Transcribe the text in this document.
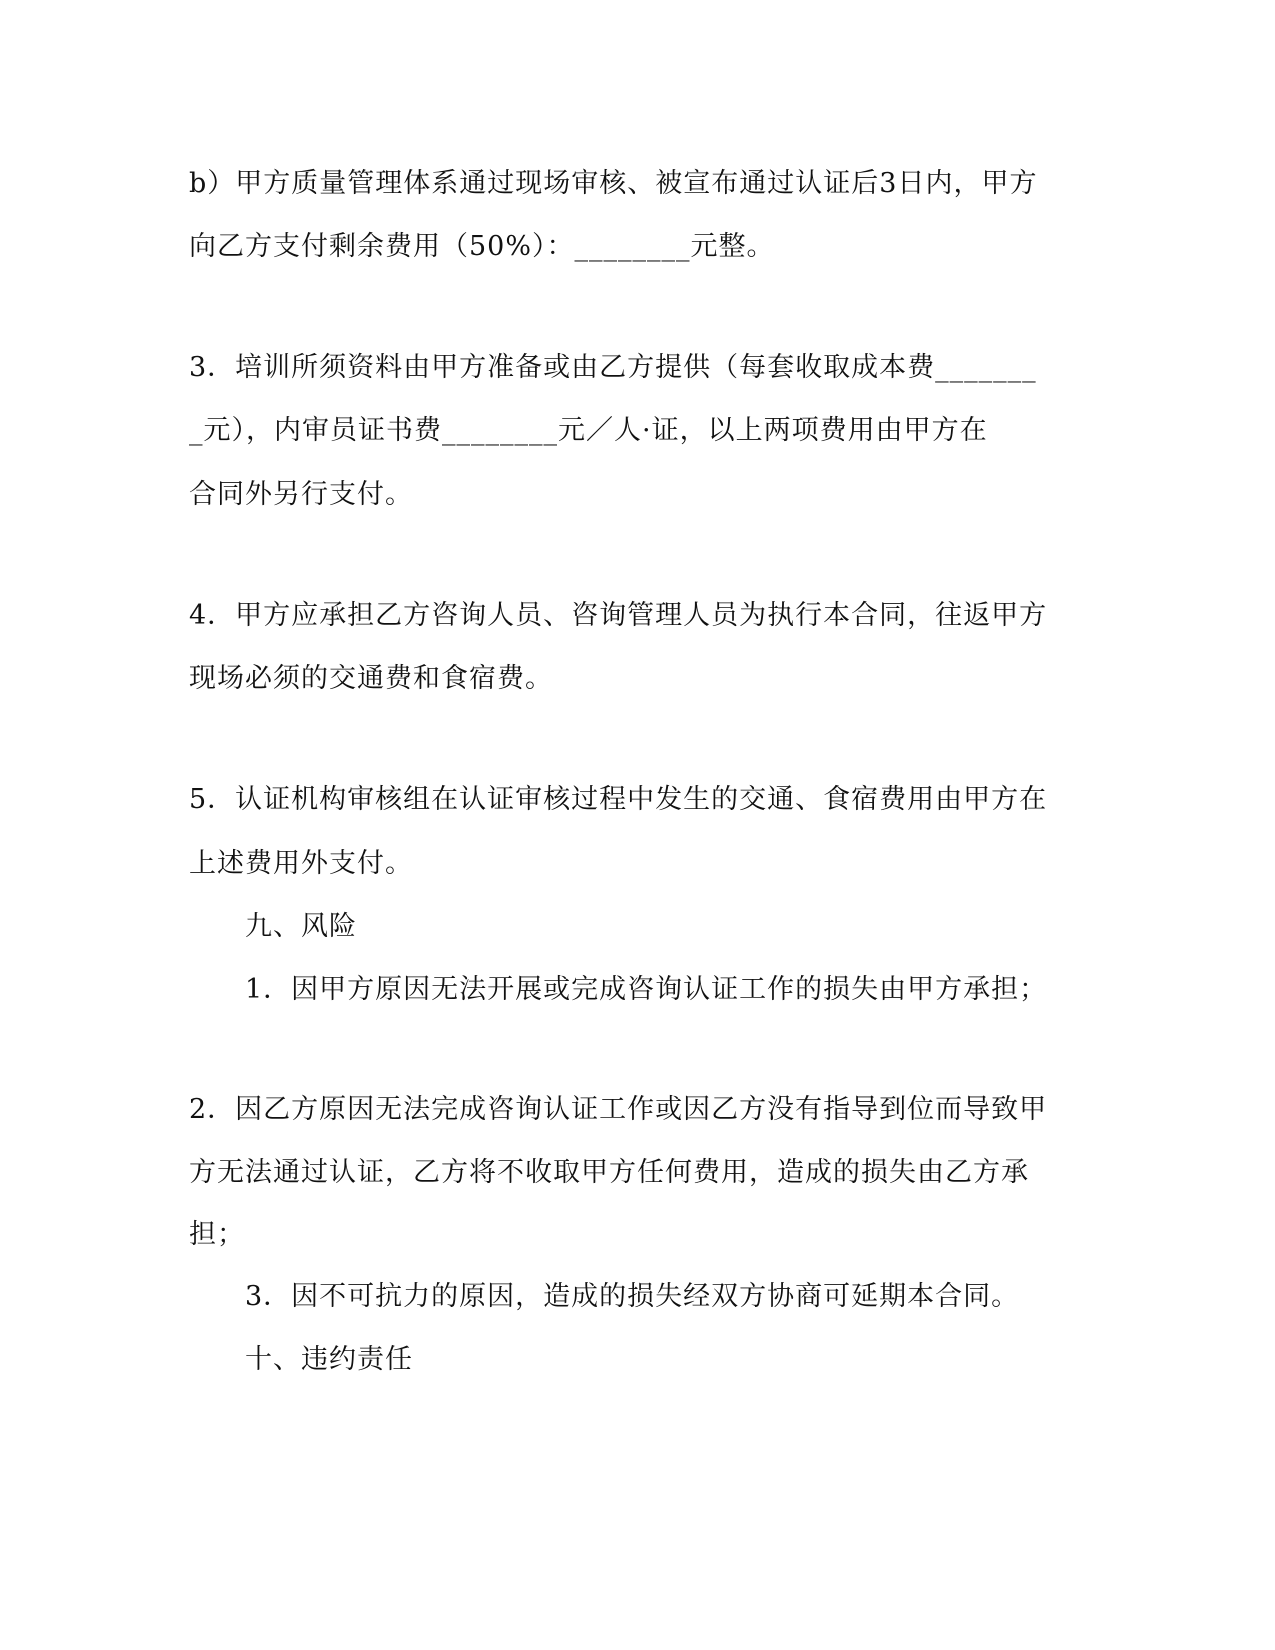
b）甲方质量管理体系通过现场审核、被宣布通过认证后3日内，甲方
向乙方支付剩余费用（50%）：________元整。
3．培训所须资料由甲方准备或由乙方提供（每套收取成本费_______
_元），内审员证书费________元／人·证，以上两项费用由甲方在
合同外另行支付。
4．甲方应承担乙方咨询人员、咨询管理人员为执行本合同，往返甲方
现场必须的交通费和食宿费。
5．认证机构审核组在认证审核过程中发生的交通、食宿费用由甲方在
上述费用外支付。
九、风险
1．因甲方原因无法开展或完成咨询认证工作的损失由甲方承担；
2．因乙方原因无法完成咨询认证工作或因乙方没有指导到位而导致甲
方无法通过认证，乙方将不收取甲方任何费用，造成的损失由乙方承
担；
3．因不可抗力的原因，造成的损失经双方协商可延期本合同。
十、违约责任
